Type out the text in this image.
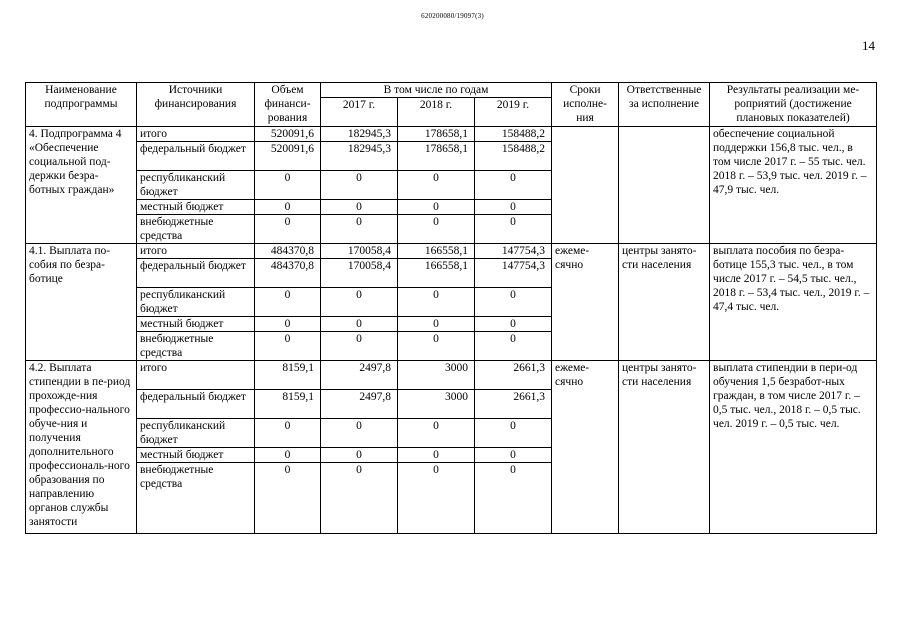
620200080/19097(3)
14
Наименование подпрограммы	Источники финансирования	Объем финанси-рования	В том числе по годам			Сроки исполне-ния	Ответственные за исполнение	Результаты реализации ме-роприятий (достижение плановых показателей)
			2017 г.	2018 г.	2019 г.			
4. Подпрограмма 4 «Обеспечение социальной под-держки безра-ботных граждан»	итого	520091,6	182945,3	178658,1	158488,2			обеспечение социальной поддержки 156,8 тыс. чел., в том числе 2017 г. – 55 тыс. чел. 2018 г. – 53,9 тыс. чел. 2019 г. – 47,9 тыс. чел.
	федеральный бюджет	520091,6	182945,3	178658,1	158488,2			
	республиканский бюджет	0	0	0	0			
	местный бюджет	0	0	0	0			
	внебюджетные средства	0	0	0	0			
4.1. Выплата по-собия по безра-ботице	итого	484370,8	170058,4	166558,1	147754,3	ежеме-сячно	центры занято-сти населения	выплата пособия по безра-ботице 155,3 тыс. чел., в том числе 2017 г. – 54,5 тыс. чел., 2018 г. – 53,4 тыс. чел., 2019 г. – 47,4 тыс. чел.
	федеральный бюджет	484370,8	170058,4	166558,1	147754,3			
	республиканский бюджет	0	0	0	0			
	местный бюджет	0	0	0	0			
	внебюджетные средства	0	0	0	0			
4.2. Выплата стипендии в пе-риод прохожде-ния профессио-нального обуче-ния и получения дополнительного профессиональ-ного образования по направлению органов службы занятости	итого	8159,1	2497,8	3000	2661,3	ежеме-сячно	центры занято-сти населения	выплата стипендии в пери-од обучения 1,5 безработ-ных граждан, в том числе 2017 г. – 0,5 тыс. чел., 2018 г. – 0,5 тыс. чел. 2019 г. – 0,5 тыс. чел.
	федеральный бюджет	8159,1	2497,8	3000	2661,3			
	республиканский бюджет	0	0	0	0			
	местный бюджет	0	0	0	0			
	внебюджетные средства	0	0	0	0			
